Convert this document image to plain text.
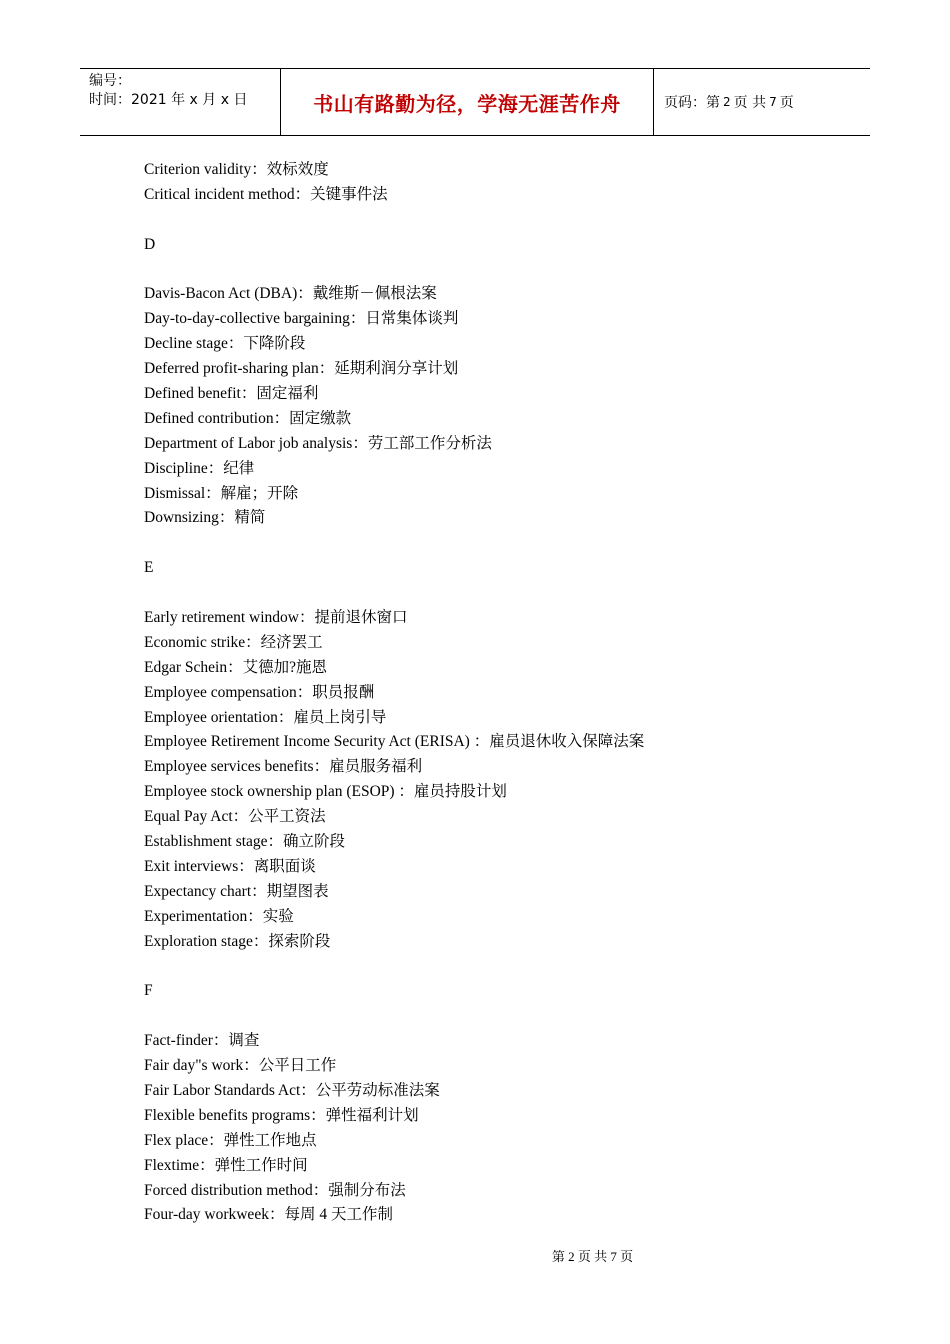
编号：
时间：2021 年 x 月 x 日	书山有路勤为径，学海无涯苦作舟	页码：第 2 页 共 7 页
Criterion validity：效标效度
Critical incident method：关键事件法
D
Davis-Bacon Act (DBA)：戴维斯－佩根法案
Day-to-day-collective bargaining：日常集体谈判
Decline stage：下降阶段
Deferred profit-sharing plan：延期利润分享计划
Defined benefit：固定福利
Defined contribution：固定缴款
Department of Labor job analysis：劳工部工作分析法
Discipline：纪律
Dismissal：解雇；开除
Downsizing：精简
E
Early retirement window：提前退休窗口
Economic strike：经济罢工
Edgar Schein：艾德加?施恩
Employee compensation：职员报酬
Employee orientation：雇员上岗引导
Employee Retirement Income Security Act (ERISA) ：雇员退休收入保障法案
Employee services benefits：雇员服务福利
Employee stock ownership plan (ESOP) ：雇员持股计划
Equal Pay Act：公平工资法
Establishment stage：确立阶段
Exit interviews：离职面谈
Expectancy chart：期望图表
Experimentation：实验
Exploration stage：探索阶段
F
Fact-finder：调查
Fair day"s work：公平日工作
Fair Labor Standards Act：公平劳动标准法案
Flexible benefits programs：弹性福利计划
Flex place：弹性工作地点
Flextime：弹性工作时间
Forced distribution method：强制分布法
Four-day workweek：每周 4 天工作制
第 2 页 共 7 页
